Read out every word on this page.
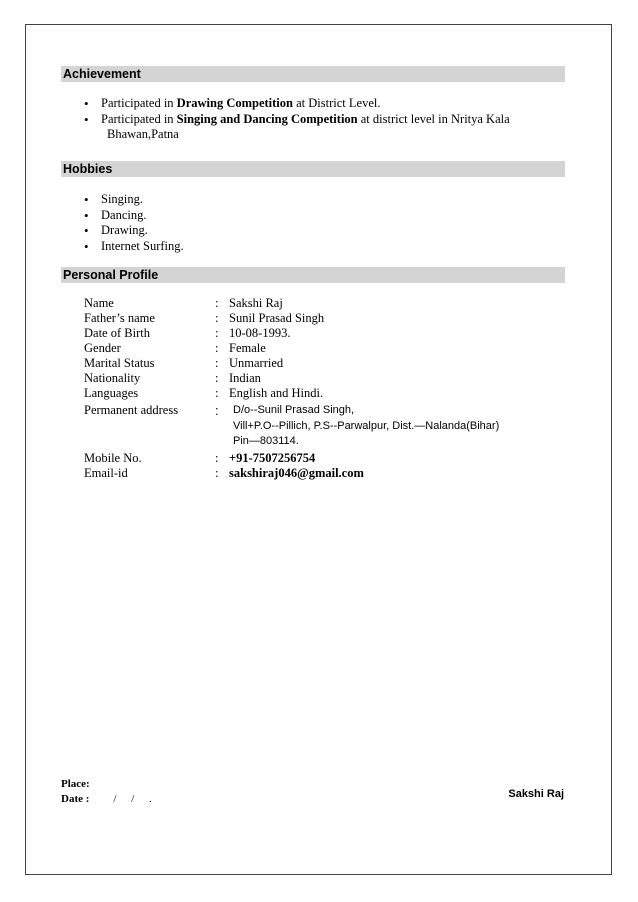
Achievement
• Participated in Drawing Competition at District Level.
• Participated in Singing and Dancing Competition at district level in Nritya Kala
Bhawan,Patna
Hobbies
• Singing.
• Dancing.
• Drawing.
• Internet Surfing.
Personal Profile
Name	: Sakshi Raj
Father’s name	: Sunil Prasad Singh
Date of Birth	: 10-08-1993.
Gender	: Female
Marital Status	: Unmarried
Nationality	: Indian
Languages	: English and Hindi.
Permanent address	:	D/o--Sunil Prasad Singh,
Vill+P.O--Pillich, P.S--Parwalpur, Dist.—Nalanda(Bihar)
Pin—803114.
Mobile No.	: +91-7507256754
Email-id	: sakshiraj046@gmail.com
Place:
Date : / / .	Sakshi Raj
